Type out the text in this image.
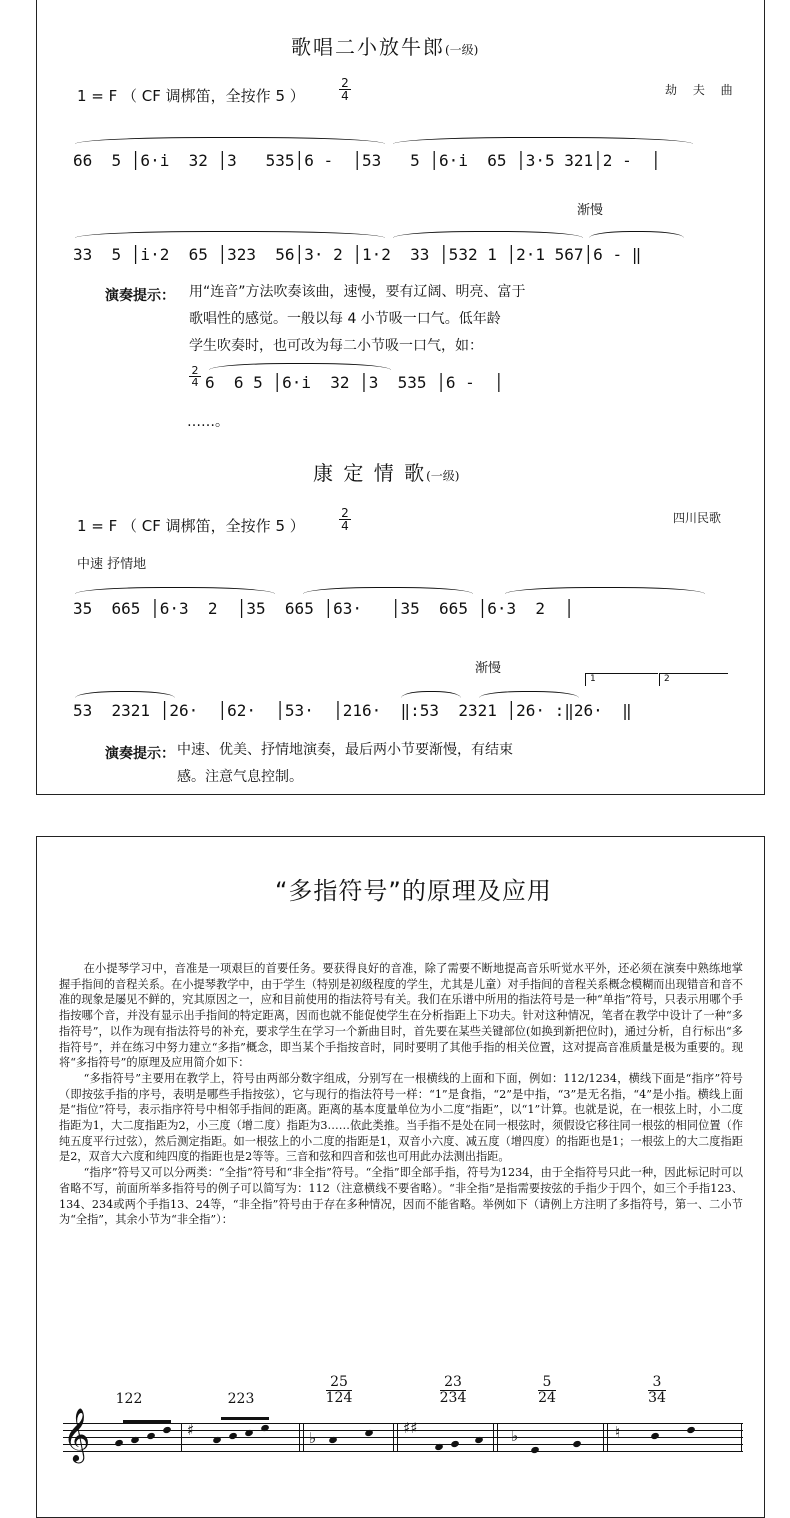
歌唱二小放牛郎(一级)
1 = F （ CF 调梆笛，全按作 5 ）
2
4	劫 夫 曲
66  5 │6·i  32 │3   535│6 -  │53   5 │6·i  65 │3·5 321│2 -  │
渐慢
33  5 │i·2  65 │323  56│3· 2 │1·2  33 │532 1 │2·1 567│6 - ‖
演奏提示： 用“连音”方法吹奏该曲，速慢，要有辽阔、明亮、富于
歌唱性的感觉。一般以每 4 小节吸一口气。低年龄
学生吹奏时，也可改为每二小节吸一口气，如：
2
4 6  6 5 │6·i  32 │3  535 │6 -  │
……。
康 定 情 歌(一级)
1 = F （ CF 调梆笛，全按作 5 ）
2
4
四川民歌
中速 抒情地
35  665 │6·3  2  │35  665 │63·   │35  665 │6·3  2  │
渐慢
1	2
53  2321 │26·  │62·  │53·  │216·  ‖:53  2321 │26· :‖26·  ‖
演奏提示： 中速、优美、抒情地演奏，最后两小节要渐慢，有结束
感。注意气息控制。
“多指符号”的原理及应用

在小提琴学习中，音准是一项艰巨的首要任务。要获得良好的音准，除了需要不断地提高音乐听觉水平外，还必须在演奏中熟练地掌握手指间的音程关系。在小提琴教学中，由于学生（特别是初级程度的学生，尤其是儿童）对手指间的音程关系概念模糊而出现错音和音不准的现象是屡见不鲜的，究其原因之一，应和目前使用的指法符号有关。我们在乐谱中所用的指法符号是一种“单指”符号，只表示用哪个手指按哪个音，并没有显示出手指间的特定距离，因而也就不能促使学生在分析指距上下功夫。针对这种情况，笔者在教学中设计了一种“多指符号”，以作为现有指法符号的补充，要求学生在学习一个新曲目时，首先要在某些关键部位(如换到新把位时)，通过分析，自行标出“多指符号”，并在练习中努力建立“多指”概念，即当某个手指按音时，同时要明了其他手指的相关位置，这对提高音准质量是极为重要的。现将“多指符号”的原理及应用简介如下：

“多指符号”主要用在教学上，符号由两部分数字组成，分别写在一根横线的上面和下面，例如：112/1234，横线下面是“指序”符号（即按弦手指的序号，表明是哪些手指按弦），它与现行的指法符号一样：“1”是食指，“2”是中指，“3”是无名指，“4”是小指。横线上面是“指位”符号，表示指序符号中相邻手指间的距离。距离的基本度量单位为小二度“指距”，以“1”计算。也就是说，在一根弦上时，小二度指距为1，大二度指距为2，小三度（增二度）指距为3……依此类推。当手指不是处在同一根弦时，须假设它移往同一根弦的相同位置（作纯五度平行过弦），然后测定指距。如一根弦上的小二度的指距是1，双音小六度、减五度（增四度）的指距也是1；一根弦上的大二度指距是2，双音大六度和纯四度的指距也是2等等。三音和弦和四音和弦也可用此办法测出指距。

“指序”符号又可以分两类：“全指”符号和“非全指”符号。“全指”即全部手指，符号为1234，由于全指符号只此一种，因此标记时可以省略不写，前面所举多指符号的例子可以简写为：112（注意横线不要省略）。“非全指”是指需要按弦的手指少于四个，如三个手指123、134、234或两个手指13、24等，“非全指”符号由于存在多种情况，因而不能省略。举例如下（请例上方注明了多指符号，第一、二小节为“全指”，其余小节为“非全指”）：

122	223	$\frac{25}{124}$	$\frac{23}{234}$	$\frac{5}{24}$	$\frac{3}{34}$
𝄞	♯	♭
♯♯	♭	♮
